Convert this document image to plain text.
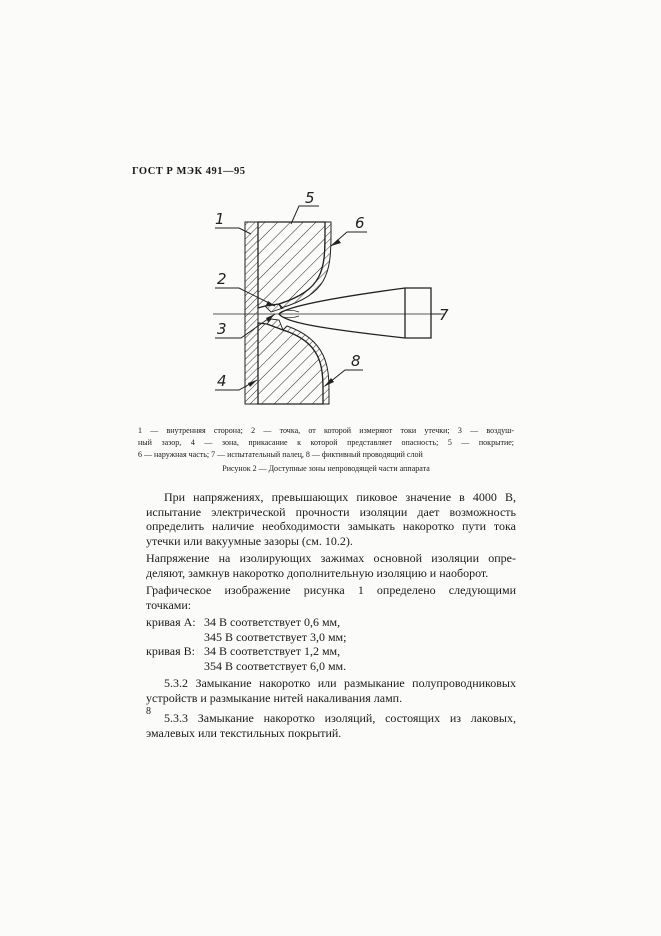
ГОСТ Р МЭК 491—95
1
5
6
2
7
3
4
8
1 — внутренняя сторона; 2 — точка, от которой измеряют токи утечки; 3 — воздуш-
ный зазор, 4 — зона, прикасание к которой представляет опасность; 5 — покрытие;
6 — наружная часть; 7 — испытательный палец, 8 — фиктивный проводящий слой
Рисунок 2 — Доступные зоны непроводящей части аппарата

При напряжениях, превышающих пиковое значение в 4000 В,

испытание электрической прочности изоляции дает возможность

определить наличие необходимости замыкать накоротко пути тока

утечки или вакуумные зазоры (см. 10.2).

Напряжение на изолирующих зажимах основной изоляции опре-

деляют, замкнув накоротко дополнительную изоляцию и наоборот.

Графическое изображение рисунка 1 определено следующими

точками:

кривая A: 34 В соответствует 0,6 мм,
345 В соответствует 3,0 мм;
кривая B: 34 В соответствует 1,2 мм,
354 В соответствует 6,0 мм.

5.3.2 Замыкание накоротко или размыкание полупроводниковых

устройств и размыкание нитей накаливания ламп.

5.3.3 Замыкание накоротко изоляций, состоящих из лаковых,

эмалевых или текстильных покрытий.

8
